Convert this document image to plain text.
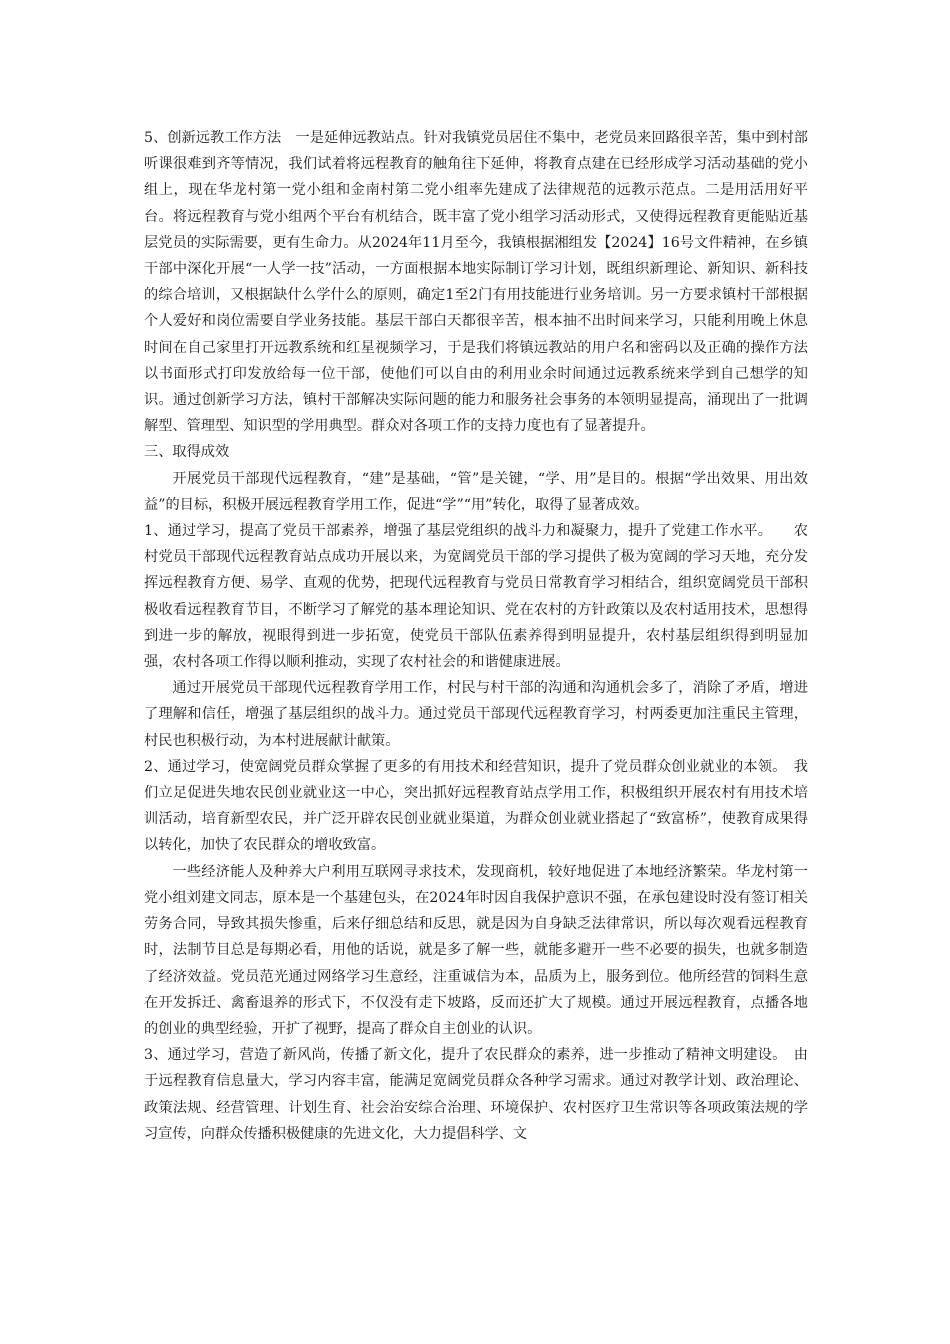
5、创新远教工作方法　一是延伸远教站点。针对我镇党员居住不集中，老党员来回路很辛苦，集中到村部听课很难到齐等情况，我们试着将远程教育的触角往下延伸，将教育点建在已经形成学习活动基础的党小组上，现在华龙村第一党小组和金南村第二党小组率先建成了法律规范的远教示范点。二是用活用好平台。将远程教育与党小组两个平台有机结合，既丰富了党小组学习活动形式，又使得远程教育更能贴近基层党员的实际需要，更有生命力。从2024年11月至今，我镇根据湘组发【2024】16号文件精神，在乡镇干部中深化开展“一人学一技”活动，一方面根据本地实际制订学习计划，既组织新理论、新知识、新科技的综合培训，又根据缺什么学什么的原则，确定1至2门有用技能进行业务培训。另一方要求镇村干部根据个人爱好和岗位需要自学业务技能。基层干部白天都很辛苦，根本抽不出时间来学习，只能利用晚上休息时间在自己家里打开远教系统和红星视频学习，于是我们将镇远教站的用户名和密码以及正确的操作方法以书面形式打印发放给每一位干部，使他们可以自由的利用业余时间通过远教系统来学到自己想学的知识。通过创新学习方法，镇村干部解决实际问题的能力和服务社会事务的本领明显提高，涌现出了一批调解型、管理型、知识型的学用典型。群众对各项工作的支持力度也有了显著提升。

三、取得成效

开展党员干部现代远程教育，“建”是基础，“管”是关键，“学、用”是目的。根据“学出效果、用出效益”的目标，积极开展远程教育学用工作，促进“学”“用”转化，取得了显著成效。

1、通过学习，提高了党员干部素养，增强了基层党组织的战斗力和凝聚力，提升了党建工作水平。　　农村党员干部现代远程教育站点成功开展以来，为宽阔党员干部的学习提供了极为宽阔的学习天地，充分发挥远程教育方便、易学、直观的优势，把现代远程教育与党员日常教育学习相结合，组织宽阔党员干部积极收看远程教育节目，不断学习了解党的基本理论知识、党在农村的方针政策以及农村适用技术，思想得到进一步的解放，视眼得到进一步拓宽，使党员干部队伍素养得到明显提升，农村基层组织得到明显加强，农村各项工作得以顺利推动，实现了农村社会的和谐健康进展。

通过开展党员干部现代远程教育学用工作，村民与村干部的沟通和沟通机会多了，消除了矛盾，增进了理解和信任，增强了基层组织的战斗力。通过党员干部现代远程教育学习，村两委更加注重民主管理，村民也积极行动，为本村进展献计献策。

2、通过学习，使宽阔党员群众掌握了更多的有用技术和经营知识，提升了党员群众创业就业的本领。　我们立足促进失地农民创业就业这一中心，突出抓好远程教育站点学用工作，积极组织开展农村有用技术培训活动，培育新型农民，并广泛开辟农民创业就业渠道，为群众创业就业搭起了“致富桥”，使教育成果得以转化，加快了农民群众的增收致富。

一些经济能人及种养大户利用互联网寻求技术，发现商机，较好地促进了本地经济繁荣。华龙村第一党小组刘建文同志，原本是一个基建包头，在2024年时因自我保护意识不强，在承包建设时没有签订相关劳务合同，导致其损失惨重，后来仔细总结和反思，就是因为自身缺乏法律常识，所以每次观看远程教育时，法制节目总是每期必看，用他的话说，就是多了解一些，就能多避开一些不必要的损失，也就多制造了经济效益。党员范光通过网络学习生意经，注重诚信为本，品质为上，服务到位。他所经营的饲料生意在开发拆迁、禽畜退养的形式下，不仅没有走下坡路，反而还扩大了规模。通过开展远程教育，点播各地的创业的典型经验，开扩了视野，提高了群众自主创业的认识。

3、通过学习，营造了新风尚，传播了新文化，提升了农民群众的素养，进一步推动了精神文明建设。　由于远程教育信息量大，学习内容丰富，能满足宽阔党员群众各种学习需求。通过对教学计划、政治理论、政策法规、经营管理、计划生育、社会治安综合治理、环境保护、农村医疗卫生常识等各项政策法规的学习宣传，向群众传播积极健康的先进文化，大力提倡科学、文
